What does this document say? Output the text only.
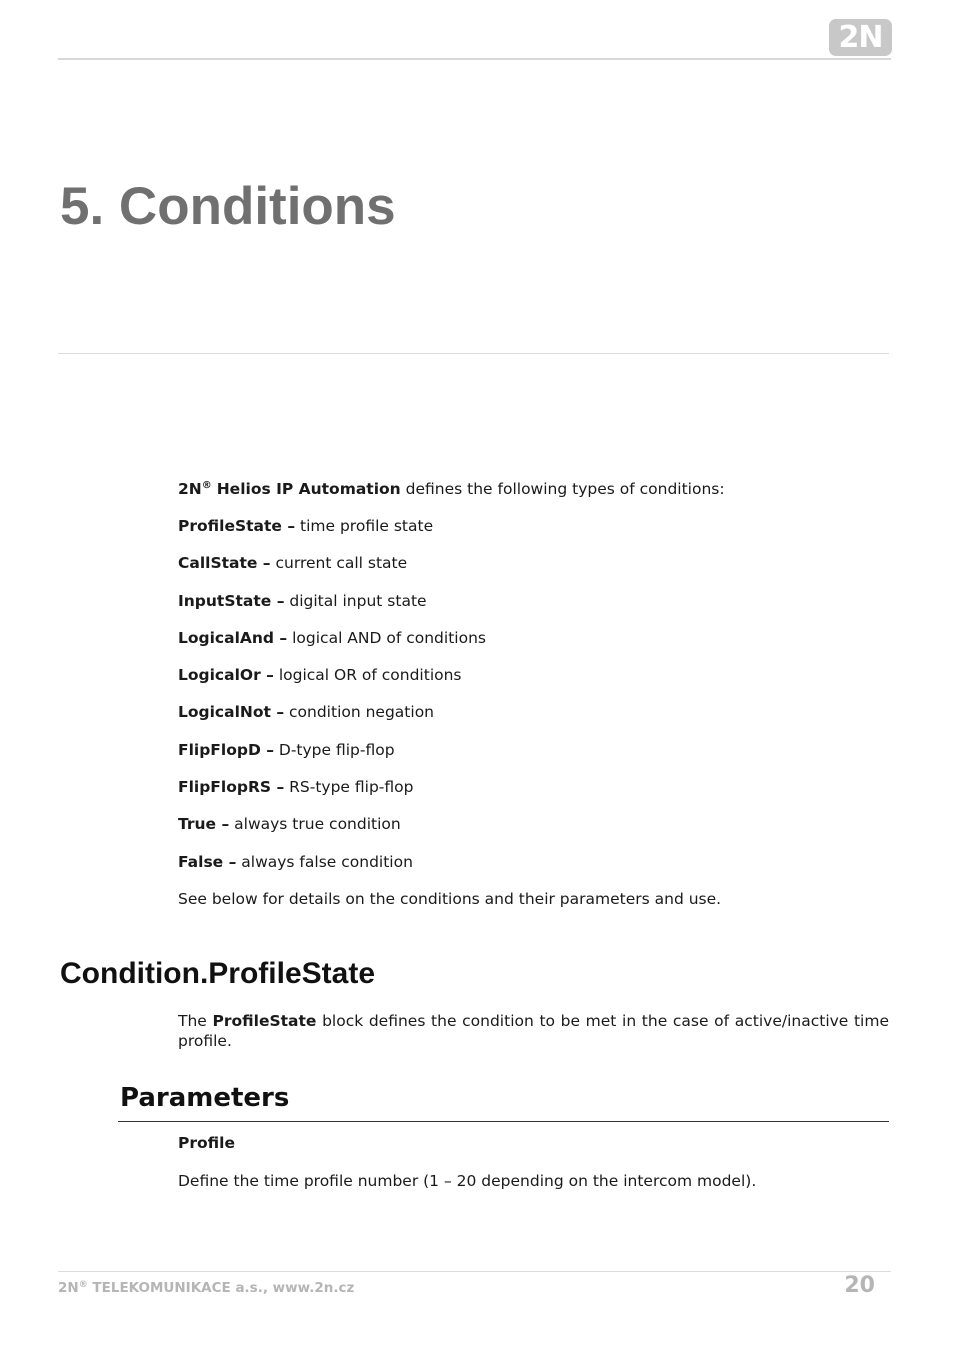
2N
5. Conditions

2N® Helios IP Automation defines the following types of conditions:

ProfileState – time profile state

CallState – current call state

InputState – digital input state

LogicalAnd – logical AND of conditions

LogicalOr – logical OR of conditions

LogicalNot – condition negation

FlipFlopD – D-type flip-flop

FlipFlopRS – RS-type flip-flop

True – always true condition

False – always false condition

See below for details on the conditions and their parameters and use.

Condition.ProfileState

The ProfileState block defines the condition to be met in the case of active/inactive time profile.

Parameters

Profile

Define the time profile number (1 – 20 depending on the intercom model).

2N® TELEKOMUNIKACE a.s., www.2n.cz	20
